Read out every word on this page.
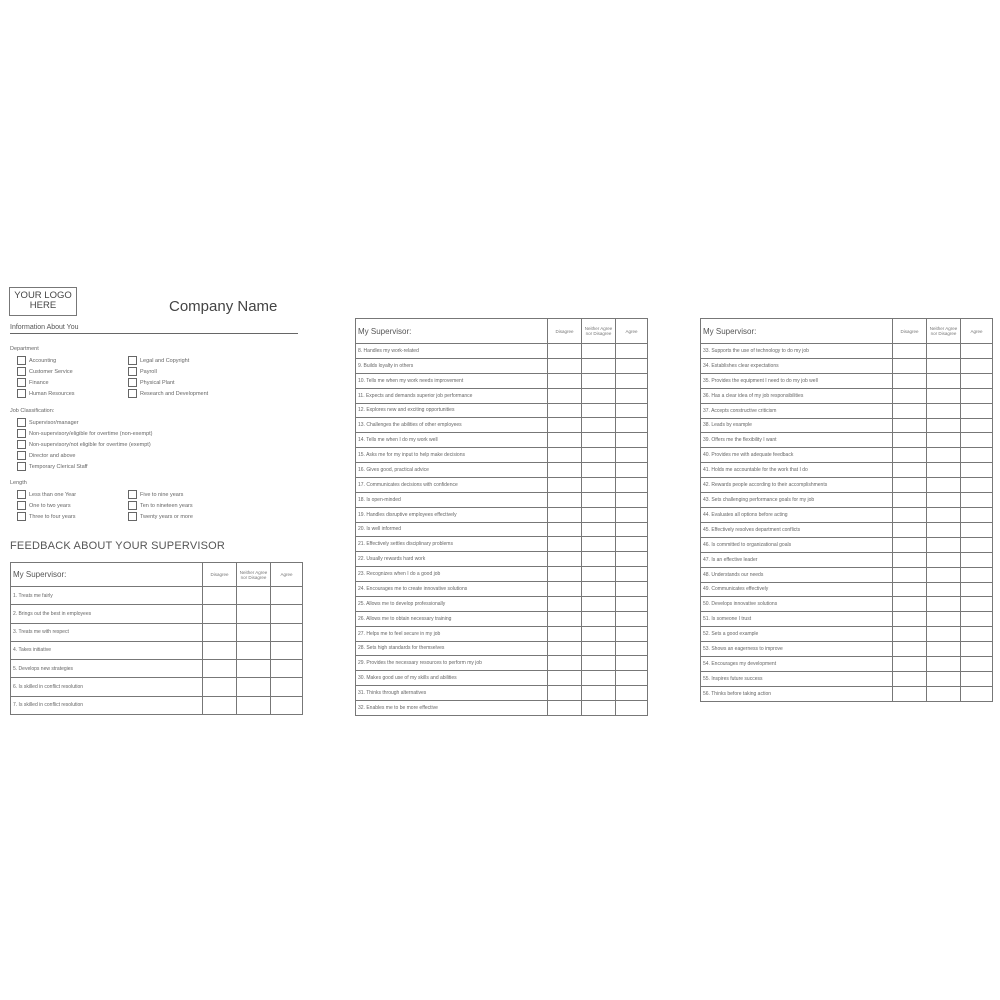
YOUR LOGO
HERE	Company Name
Information About You
Department
Accounting
Customer Service
Finance
Human Resources
Legal and Copyright
Payroll
Physical Plant
Research and Development
Job Classification:
Supervisor/manager
Non-supervisory/eligible for overtime (non-exempt)
Non-supervisory/not eligible for overtime (exempt)
Director and above
Temporary Clerical Staff
Length
Less than one Year
One to two years
Three to four years
Five to nine years
Ten to nineteen years
Twenty years or more
FEEDBACK ABOUT YOUR SUPERVISOR
My Supervisor:	Disagree	Neither Agree nor Disagree	Agree
1. Treats me fairly			
2. Brings out the best in employees			
3. Treats me with respect			
4. Takes initiative			
5. Develops new strategies			
6. Is skilled in conflict resolution			
7. Is skilled in conflict resolution			
My Supervisor:	Disagree	Neither Agree nor Disagree	Agree
8. Handles my work-related			
9. Builds loyalty in others			
10. Tells me when my work needs improvement			
11. Expects and demands superior job performance			
12. Explores new and exciting opportunities			
13. Challenges the abilities of other employees			
14. Tells me when I do my work well			
15. Asks me for my input to help make decisions			
16. Gives good, practical advice			
17. Communicates decisions with confidence			
18. Is open-minded			
19. Handles disruptive employees effectively			
20. Is well informed			
21. Effectively settles disciplinary problems			
22. Usually rewards hard work			
23. Recognizes when I do a good job			
24. Encourages me to create innovative solutions			
25. Allows me to develop professionally			
26. Allows me to obtain necessary training			
27. Helps me to feel secure in my job			
28. Sets high standards for themselves			
29. Provides the necessary resources to perform my job			
30. Makes good use of my skills and abilities			
31. Thinks through alternatives			
32. Enables me to be more effective			
My Supervisor:	Disagree	Neither Agree nor Disagree	Agree
33. Supports the use of technology to do my job			
34. Establishes clear expectations			
35. Provides the equipment I need to do my job well			
36. Has a clear idea of my job responsibilities			
37. Accepts constructive criticism			
38. Leads by example			
39. Offers me the flexibility I want			
40. Provides me with adequate feedback			
41. Holds me accountable for the work that I do			
42. Rewards people according to their accomplishments			
43. Sets challenging performance goals for my job			
44. Evaluates all options before acting			
45. Effectively resolves department conflicts			
46. Is committed to organizational goals			
47. Is an effective leader			
48. Understands our needs			
49. Communicates effectively			
50. Develops innovative solutions			
51. Is someone I trust			
52. Sets a good example			
53. Shows an eagerness to improve			
54. Encourages my development			
55. Inspires future success			
56. Thinks before taking action			
